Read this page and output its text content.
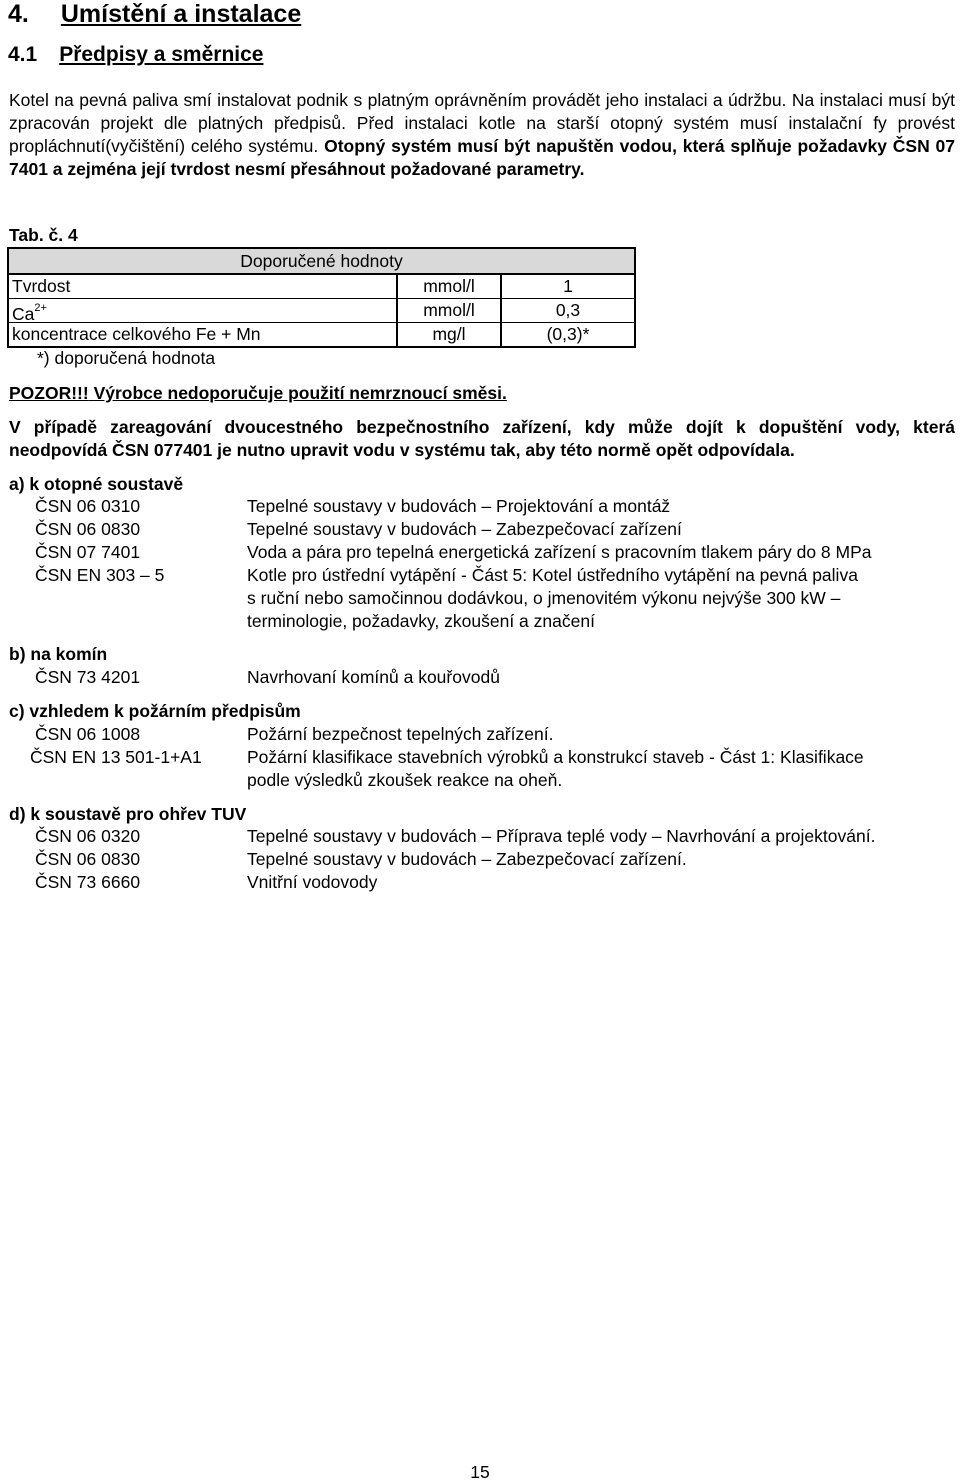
4. Umístění a instalace
4.1 Předpisy a směrnice
Kotel na pevná paliva smí instalovat podnik s platným oprávněním provádět jeho instalaci a údržbu. Na instalaci musí být zpracován projekt dle platných předpisů. Před instalaci kotle na starší otopný systém musí instalační fy provést propláchnutí(vyčištění) celého systému. Otopný systém musí být napuštěn vodou, která splňuje požadavky ČSN 07 7401 a zejména její tvrdost nesmí přesáhnout požadované parametry.
Tab. č. 4
Doporučené hodnoty
Tvrdost	mmol/l	1
$Ca^{2+}$	mmol/l	0,3
koncentrace celkového Fe + Mn	mg/l	(0,3)*
*) doporučená hodnota
POZOR!!! Výrobce nedoporučuje použití nemrznoucí směsi.
V případě zareagování dvoucestného bezpečnostního zařízení, kdy může dojít k dopuštění vody, která neodpovídá ČSN 077401 je nutno upravit vodu v systému tak, aby této normě opět odpovídala.
a) k otopné soustavě
ČSN 06 0310	Tepelné soustavy v budovách – Projektování a montáž
ČSN 06 0830	Tepelné soustavy v budovách – Zabezpečovací zařízení
ČSN 07 7401	Voda a pára pro tepelná energetická zařízení s pracovním tlakem páry do 8 MPa
ČSN EN 303 – 5	Kotle pro ústřední vytápění - Část 5: Kotel ústředního vytápění na pevná paliva
s ruční nebo samočinnou dodávkou, o jmenovitém výkonu nejvýše 300 kW –
terminologie, požadavky, zkoušení a značení
b) na komín
ČSN 73 4201	Navrhovaní komínů a kouřovodů
c) vzhledem k požárním předpisům
ČSN 06 1008	Požární bezpečnost tepelných zařízení.
ČSN EN 13 501-1+A1	Požární klasifikace stavebních výrobků a konstrukcí staveb - Část 1: Klasifikace
podle výsledků zkoušek reakce na oheň.
d) k soustavě pro ohřev TUV
ČSN 06 0320	Tepelné soustavy v budovách – Příprava teplé vody – Navrhování a projektování.
ČSN 06 0830	Tepelné soustavy v budovách – Zabezpečovací zařízení.
ČSN 73 6660	Vnitřní vodovody
15
